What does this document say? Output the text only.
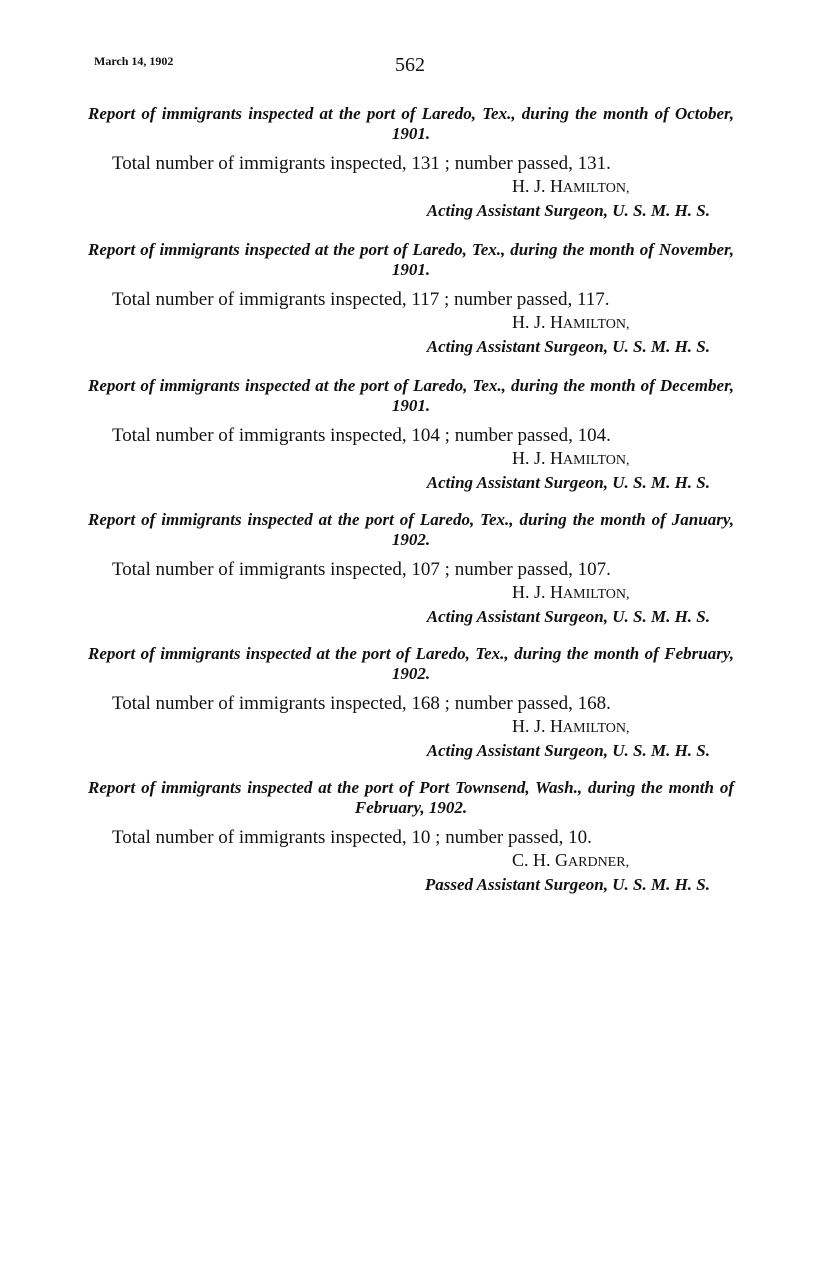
March 14, 1902	562
Report of immigrants inspected at the port of Laredo, Tex., during the month of October, 1901.
Total number of immigrants inspected, 131 ; number passed, 131.
H. J. HAMILTON,
Acting Assistant Surgeon, U. S. M. H. S.
Report of immigrants inspected at the port of Laredo, Tex., during the month of November, 1901.
Total number of immigrants inspected, 117 ; number passed, 117.
H. J. HAMILTON,
Acting Assistant Surgeon, U. S. M. H. S.
Report of immigrants inspected at the port of Laredo, Tex., during the month of December, 1901.
Total number of immigrants inspected, 104 ; number passed, 104.
H. J. HAMILTON,
Acting Assistant Surgeon, U. S. M. H. S.
Report of immigrants inspected at the port of Laredo, Tex., during the month of January, 1902.
Total number of immigrants inspected, 107 ; number passed, 107.
H. J. HAMILTON,
Acting Assistant Surgeon, U. S. M. H. S.
Report of immigrants inspected at the port of Laredo, Tex., during the month of February, 1902.
Total number of immigrants inspected, 168 ; number passed, 168.
H. J. HAMILTON,
Acting Assistant Surgeon, U. S. M. H. S.
Report of immigrants inspected at the port of Port Townsend, Wash., during the month of February, 1902.
Total number of immigrants inspected, 10 ; number passed, 10.
C. H. GARDNER,
Passed Assistant Surgeon, U. S. M. H. S.
